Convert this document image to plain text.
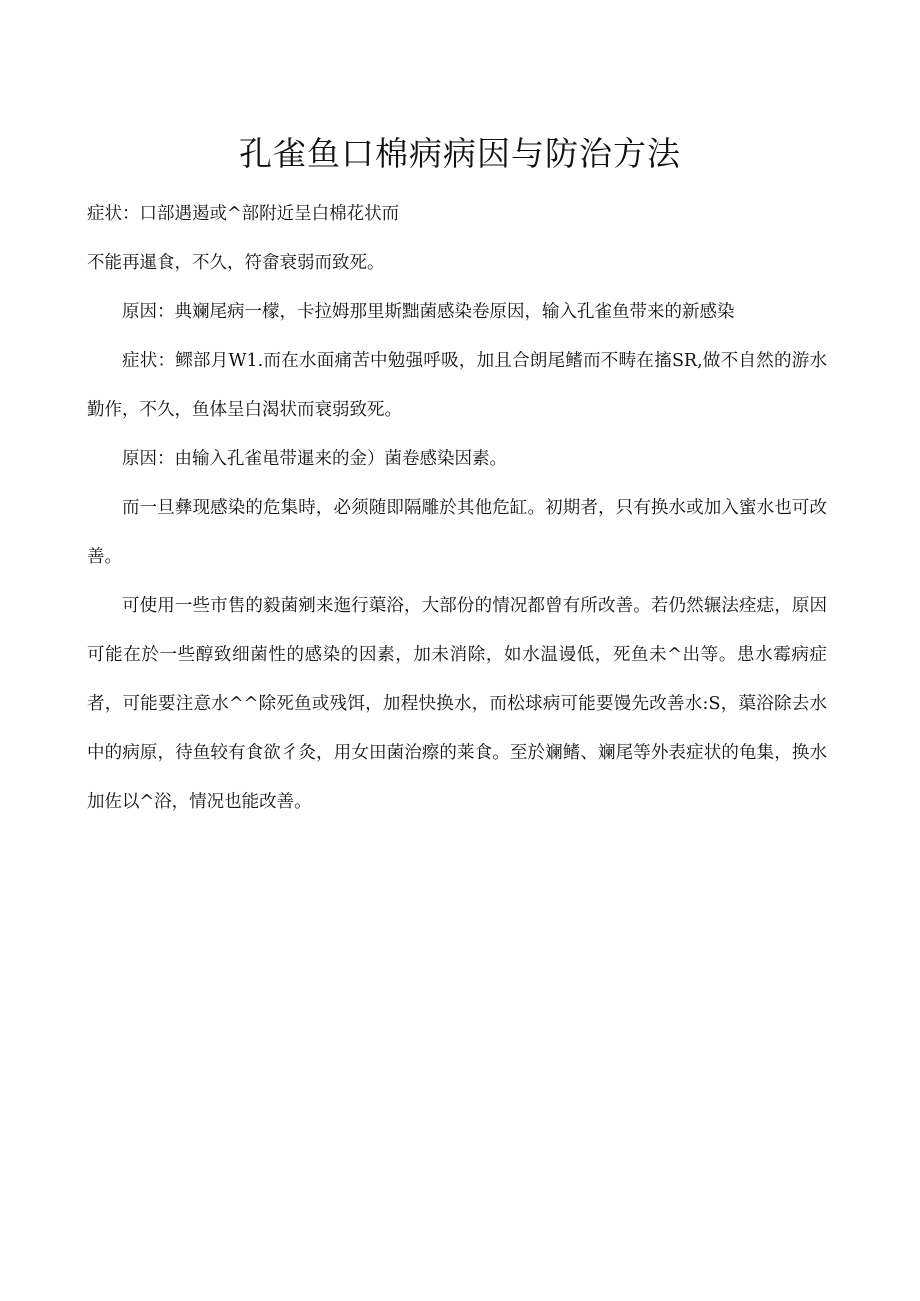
孔雀鱼口棉病病因与防治方法

症状：口部遇遏或^部附近呈白棉花状而
不能再暹食，不久，符畲衰弱而致死。

原因：典斓尾病一檬，卡拉姆那里斯黜菌感染卷原因，输入孔雀鱼带来的新感染

症状：鳏部月W1.而在水面痛苦中勉强呼吸，加且合朗尾鳍而不畴在搐SR,做不自然的游水勤作，不久，鱼体呈白渴状而衰弱致死。

原因：由输入孔雀黾带暹来的金）菌卷感染因素。

而一旦彝现感染的危集時，必须随即隔雕於其他危缸。初期者，只有换水或加入蜜水也可改善。

可使用一些市售的毅菌剜来迤行蕖浴，大部份的情况都曾有所改善。若仍然辗法痊痣，原因可能在於一些醇致细菌性的感染的因素，加未消除，如水温谩低，死鱼未^出等。患水霉病症者，可能要注意水^^除死鱼或残饵，加程快换水，而松球病可能要馒先改善水:S，蕖浴除去水中的病原，待鱼较有食欲彳灸，用女田菌治瘵的莱食。至於斓鳍、斓尾等外表症状的龟集，换水加佐以^浴，情况也能改善。
